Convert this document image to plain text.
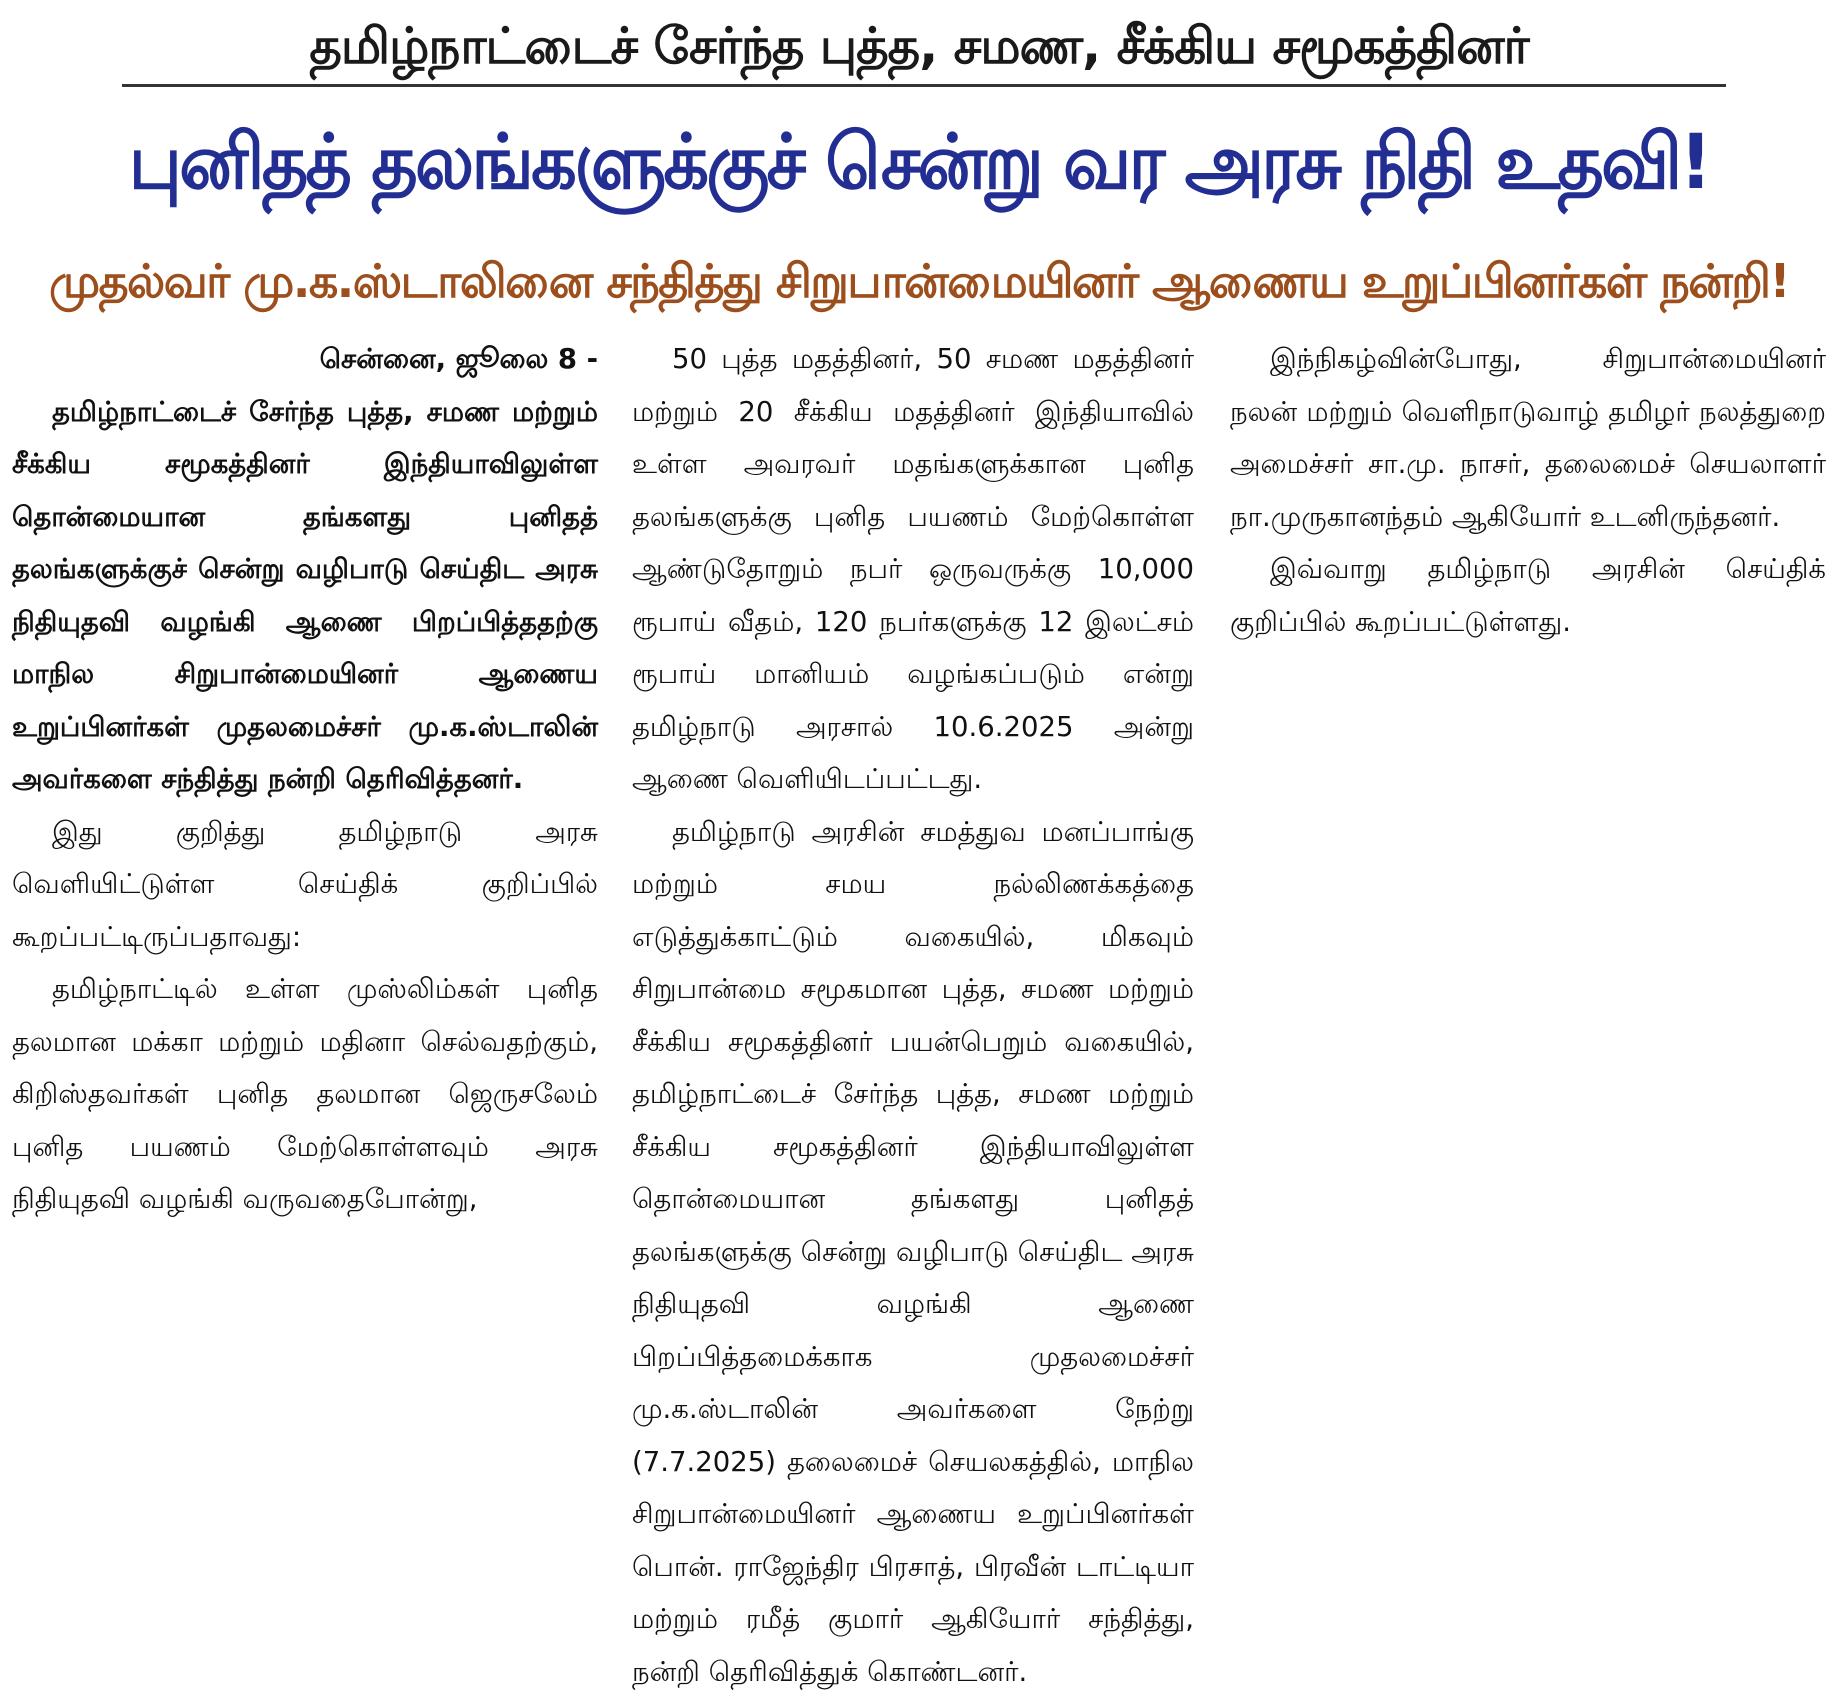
தமிழ்நாட்டைச் சேர்ந்த புத்த, சமண, சீக்கிய சமூகத்தினர்
புனிதத் தலங்களுக்குச் சென்று வர அரசு நிதி உதவி!
முதல்வர் மு.க.ஸ்டாலினை சந்தித்து சிறுபான்மையினர் ஆணைய உறுப்பினர்கள் நன்றி!

சென்னை, ஜூலை 8 -

தமிழ்நாட்டைச் சேர்ந்த புத்த, சமண மற்றும் சீக்கிய சமூகத்தினர் இந்தியாவிலுள்ள தொன்மையான தங்களது புனிதத் தலங்களுக்குச் சென்று வழிபாடு செய்திட அரசு நிதியுதவி வழங்கி ஆணை பிறப்பித்ததற்கு மாநில சிறுபான்மையினர் ஆணைய உறுப்பினர்கள் முதலமைச்சர் மு.க.ஸ்டாலின் அவர்களை சந்தித்து நன்றி தெரிவித்தனர்.

இது குறித்து தமிழ்நாடு அரசு வெளியிட்டுள்ள செய்திக் குறிப்பில் கூறப்பட்டிருப்பதாவது:

தமிழ்நாட்டில் உள்ள முஸ்லிம்கள் புனித தலமான மக்கா மற்றும் மதினா செல்வதற்கும், கிறிஸ்தவர்கள் புனித தலமான ஜெருசலேம் புனித பயணம் மேற்கொள்ளவும் அரசு நிதியுதவி வழங்கி வருவதைபோன்று,

50 புத்த மதத்தினர், 50 சமண மதத்தினர் மற்றும் 20 சீக்கிய மதத்தினர் இந்தியாவில் உள்ள அவரவர் மதங்களுக்கான புனித தலங்களுக்கு புனித பயணம் மேற்கொள்ள ஆண்டுதோறும் நபர் ஒருவருக்கு 10,000 ரூபாய் வீதம், 120 நபர்களுக்கு 12 இலட்சம் ரூபாய் மானியம் வழங்கப்படும் என்று தமிழ்நாடு அரசால் 10.6.2025 அன்று ஆணை வெளியிடப்பட்டது.

தமிழ்நாடு அரசின் சமத்துவ மனப்பாங்கு மற்றும் சமய நல்லிணக்கத்தை எடுத்துக்காட்டும் வகையில், மிகவும் சிறுபான்மை சமூகமான புத்த, சமண மற்றும் சீக்கிய சமூகத்தினர் பயன்பெறும் வகையில், தமிழ்நாட்டைச் சேர்ந்த புத்த, சமண மற்றும் சீக்கிய சமூகத்தினர் இந்தியாவிலுள்ள தொன்மையான தங்களது புனிதத் தலங்களுக்கு சென்று வழிபாடு செய்திட அரசு நிதியுதவி வழங்கி ஆணை பிறப்பித்தமைக்காக முதலமைச்சர் மு.க.ஸ்டாலின் அவர்களை நேற்று (7.7.2025) தலைமைச் செயலகத்தில், மாநில சிறுபான்மையினர் ஆணைய உறுப்பினர்கள் பொன். ராஜேந்திர பிரசாத், பிரவீன் டாட்டியா மற்றும் ரமீத் குமார் ஆகியோர் சந்தித்து, நன்றி தெரிவித்துக் கொண்டனர்.

இந்நிகழ்வின்போது, சிறுபான்மையினர் நலன் மற்றும் வெளிநாடுவாழ் தமிழர் நலத்துறை அமைச்சர் சா.மு. நாசர், தலைமைச் செயலாளர் நா.முருகானந்தம் ஆகியோர் உடனிருந்தனர்.

இவ்வாறு தமிழ்நாடு அரசின் செய்திக் குறிப்பில் கூறப்பட்டுள்ளது.
